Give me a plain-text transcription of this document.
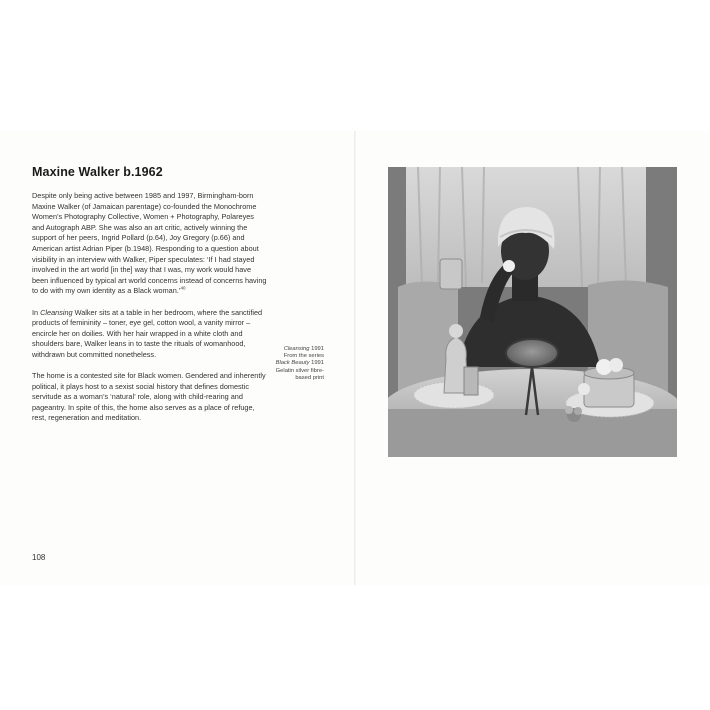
Maxine Walker b.1962

Despite only being active between 1985 and 1997, Birmingham-born Maxine Walker (of Jamaican parentage) co-founded the Monochrome Women’s Photography Collective, Women + Photography, Polareyes and Autograph ABP. She was also an art critic, actively winning the support of her peers, Ingrid Pollard (p.64), Joy Gregory (p.66) and American artist Adrian Piper (b.1948). Responding to a question about visibility in an interview with Walker, Piper speculates: ‘If I had stayed involved in the art world [in the] way that I was, my work would have been influenced by typical art world concerns instead of concerns having to do with my own identity as a Black woman.’$^{40}$

In Cleansing Walker sits at a table in her bedroom, where the sanctified products of femininity – toner, eye gel, cotton wool, a vanity mirror – encircle her on doilies. With her hair wrapped in a white cloth and shoulders bare, Walker leans in to taste the rituals of womanhood, withdrawn but committed nonetheless.

The home is a contested site for Black women. Gendered and inherently political, it plays host to a sexist social history that defines domestic servitude as a woman’s ‘natural’ role, along with child-rearing and pageantry. In spite of this, the home also serves as a place of refuge, rest, regeneration and meditation.

108
Cleansing 1991
From the series
Black Beauty 1991
Gelatin silver fibre-
based print
